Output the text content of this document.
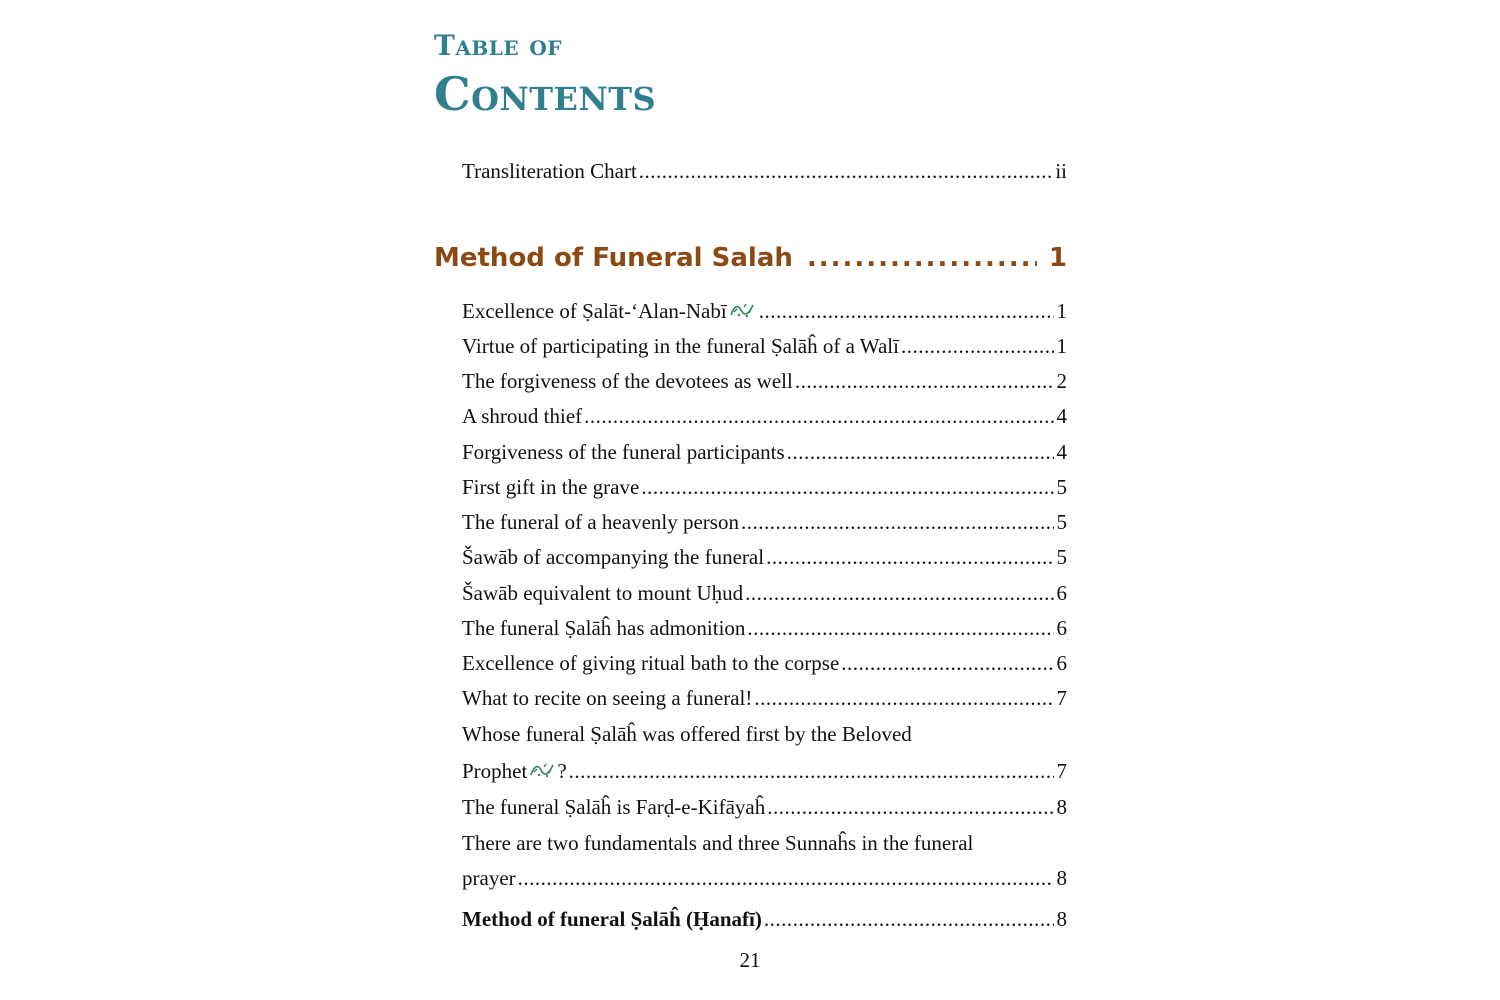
Table of
Contents
Transliteration Chart .....	ii
Method of Funeral Salah .....	1
Excellence of Ṣalāt-‘Alan-Nabī .....	1
Virtue of participating in the funeral Ṣalāĥ of a Walī .....	1
The forgiveness of the devotees as well .....	2
A shroud thief .....	4
Forgiveness of the funeral participants .....	4
First gift in the grave .....	5
The funeral of a heavenly person .....	5
Šawāb of accompanying the funeral .....	5
Šawāb equivalent to mount Uḥud .....	6
The funeral Ṣalāĥ has admonition .....	6
Excellence of giving ritual bath to the corpse .....	6
What to recite on seeing a funeral! .....	7
Whose funeral Ṣalāĥ was offered first by the Beloved
Prophet ? .....	7
The funeral Ṣalāĥ is Farḍ-e-Kifāyaĥ .....	8
There are two fundamentals and three Sunnaĥs in the funeral
prayer .....	8
Method of funeral Ṣalāĥ (Ḥanafī) .....	8
21
